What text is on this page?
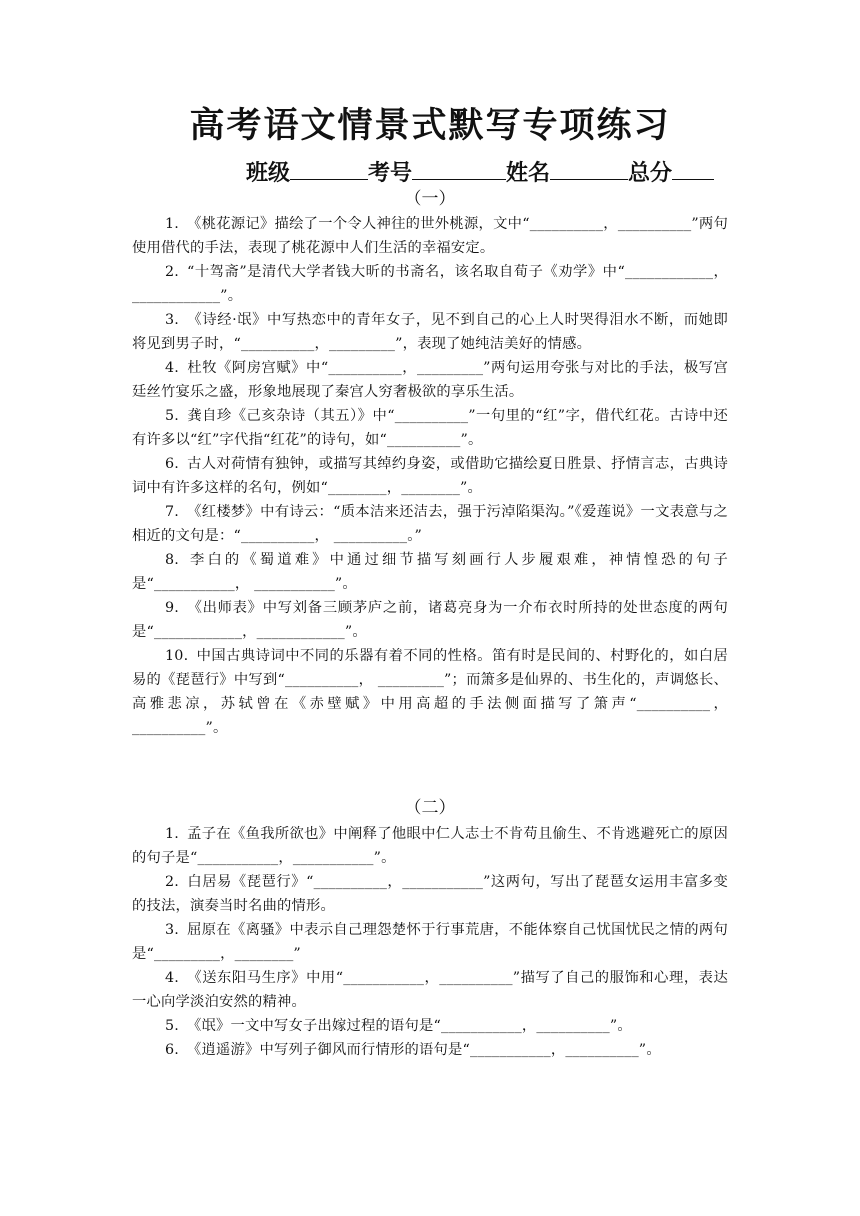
高考语文情景式默写专项练习
班级	考号	姓名	总分
（一）

1. 《桃花源记》描绘了一个令人神往的世外桃源，文中“__________，__________”两句使用借代的手法，表现了桃花源中人们生活的幸福安定。

2. “十驾斋”是清代大学者钱大昕的书斋名，该名取自荀子《劝学》中“____________，____________”。

3. 《诗经·氓》中写热恋中的青年女子，见不到自己的心上人时哭得泪水不断，而她即将见到男子时，“__________，_________”，表现了她纯洁美好的情感。

4. 杜牧《阿房宫赋》中“__________，_________”两句运用夸张与对比的手法，极写宫廷丝竹宴乐之盛，形象地展现了秦宫人穷奢极欲的享乐生活。

5. 龚自珍《己亥杂诗（其五）》中“__________”一句里的“红”字，借代红花。古诗中还有许多以“红”字代指“红花”的诗句，如“__________”。

6. 古人对荷情有独钟，或描写其绰约身姿，或借助它描绘夏日胜景、抒情言志，古典诗词中有许多这样的名句，例如“________，________”。

7. 《红楼梦》中有诗云：“质本洁来还洁去，强于污淖陷渠沟。”《爱莲说》一文表意与之相近的文句是：“__________， __________。”

8. 李白的《蜀道难》中通过细节描写刻画行人步履艰难，神情惶恐的句子是“___________， ___________”。

9. 《出师表》中写刘备三顾茅庐之前，诸葛亮身为一介布衣时所持的处世态度的两句是“____________，____________”。

10. 中国古典诗词中不同的乐器有着不同的性格。笛有时是民间的、村野化的，如白居易的《琵琶行》中写到“__________， _________”；而箫多是仙界的、书生化的，声调悠长、高雅悲凉，苏轼曾在《赤壁赋》中用高超的手法侧面描写了箫声“__________， __________”。

（二）

1. 孟子在《鱼我所欲也》中阐释了他眼中仁人志士不肯苟且偷生、不肯逃避死亡的原因的句子是“___________，___________”。

2. 白居易《琵琶行》“__________，___________”这两句，写出了琵琶女运用丰富多变的技法，演奏当时名曲的情形。

3. 屈原在《离骚》中表示自己理怨楚怀于行事荒唐，不能体察自己忧国忧民之情的两句是“_________，________”

4. 《送东阳马生序》中用“___________，__________”描写了自己的服饰和心理，表达一心向学淡泊安然的精神。

5. 《氓》一文中写女子出嫁过程的语句是“___________，__________”。

6. 《逍遥游》中写列子御风而行情形的语句是“___________，__________”。
